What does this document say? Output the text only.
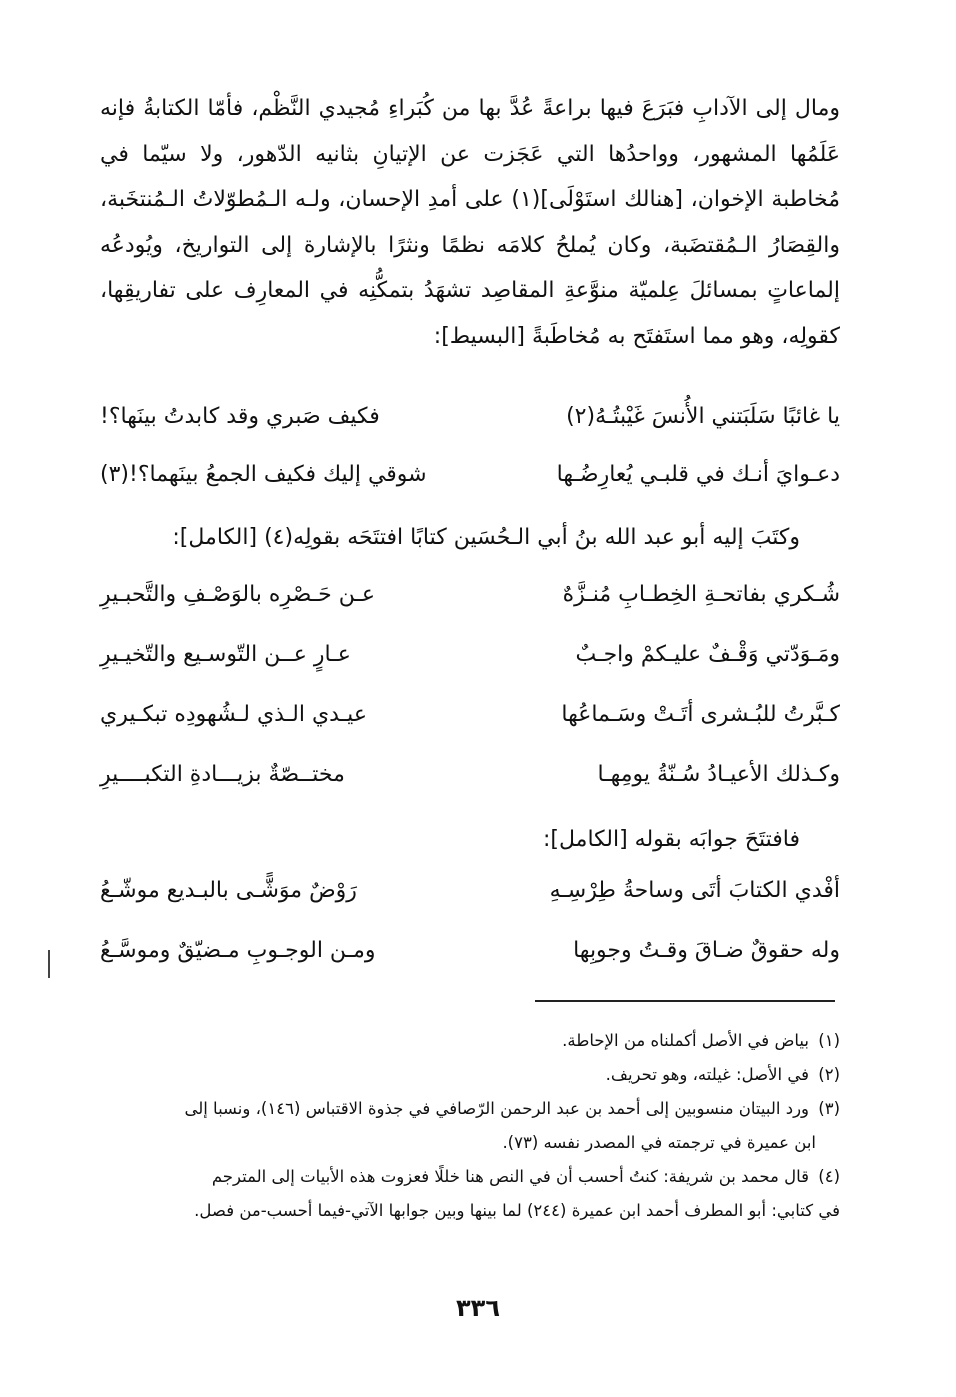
ومال إلى الآدابِ فبَرَعَ فيها براعةً عُدَّ بها من كُبَراءِ مُجيدي النَّظْم، فأمّا الكتابةُ فإنه عَلَمُها المشهور، وواحدُها التي عَجَزت عن الإتيانِ بثانيه الدّهور، ولا سيّما في مُخاطبة الإخوان، [هنالك استَوْلَى](١) على أمدِ الإحسان، ولـه الـمُطوّلاتُ الـمُنتخَبة، والقِصَارُ الـمُقتضَبة، وكان يُملحُ كلامَه نظمًا ونثرًا بالإشارة إلى التواريخ، ويُودعُه إلماعاتٍ بمسائلَ عِلميّة منوَّعةِ المقاصِد تشهَدُ بتمكُّنِه في المعارِف على تفاريقِها، كقولِه، وهو مما استَفتَح به مُخاطَبةً [البسيط]:

يا غائبًا سَلَبَتني الأُنسَ غَيْبتُـهُ(٢)
فكيف صَبري وقد كابدتُ بينَها؟!
دعـوايَ أنـك في قلبـي يُعارِضُـها
شوقي إليك فكيف الجمعُ بينَهما؟!(٣)
وكتَبَ إليه أبو عبد الله بنُ أبي الـحُسَين كتابًا افتتَحَه بقولِه(٤) [الكامل]:
شُـكري بفاتحـةِ الخِطـابِ مُنـزَّهٌ
عـن حَـصْرِه بالوَصْـفِ والتَّحبـيرِ
ومَـوَدّتي وَقْـفٌ عليـكمْ واجـبٌ
عـارٍ عــن التّوسـيع والتّخيـيرِ
كـبَّرتُ للبُـشرى أتَـتْ وسَـماعُها
عيـدي الـذي لـشُهودِه تبكـيري
وكـذلك الأعيـادُ سُـنّةُ يومِهـا
مختــصّةٌ بزيـــادةِ التكبــــيرِ
فافتتَحَ جوابَه بقوله [الكامل]:
أفْدي الكتابَ أتَى وساحةُ طِرْسِـهِ
رَوْضٌ موَشًّـى بالبـديع موشّـعُ
وله حقوقٌ ضـاقَ وقـتُ وجوبِها
ومـن الوجـوبِ مـضيّقٌ وموسَّـعُ

(١) بياض في الأصل أكملناه من الإحاطة.

(٢) في الأصل: غيلته، وهو تحريف.

(٣) ورد البيتان منسوبين إلى أحمد بن عبد الرحمن الرّصافي في جذوة الاقتباس (١٤٦)، ونسبا إلى

ابن عميرة في ترجمته في المصدر نفسه (٧٣).

(٤) قال محمد بن شريفة: كنتُ أحسب أن في النص هنا خللًا فعزوت هذه الأبيات إلى المترجم

في كتابي: أبو المطرف أحمد ابن عميرة (٢٤٤) لما بينها وبين جوابها الآتي-فيما أحسب-من فصل.

٣٣٦
